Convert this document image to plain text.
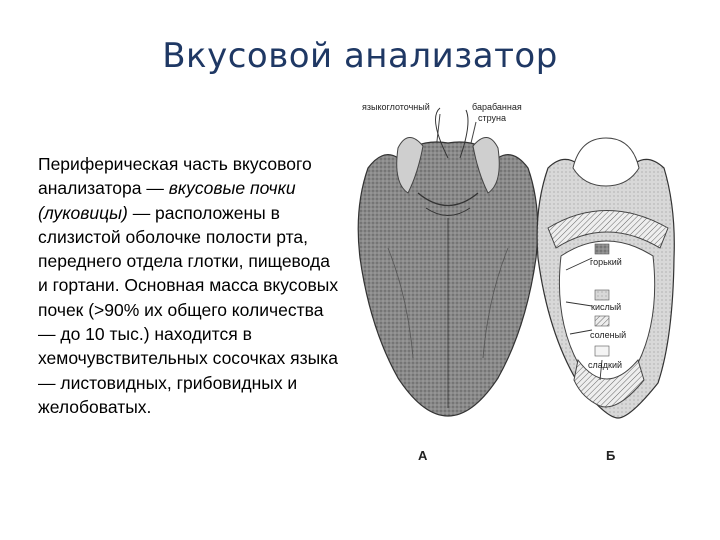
Вкусовой анализатор
Периферическая часть вкусового анализатора — вкусовые почки (луковицы) — расположены в слизистой оболочке полости рта, переднего отдела глотки, пищевода и гортани. Основная масса вкусовых почек (>90% их общего количества — до 10 тыс.) находится в хемочувствительных сосочках языка — листовидных, грибовидных и желобоватых.
языкоглоточный	барабанная
струна
А
горький
кислый
соленый
сладкий
Б
